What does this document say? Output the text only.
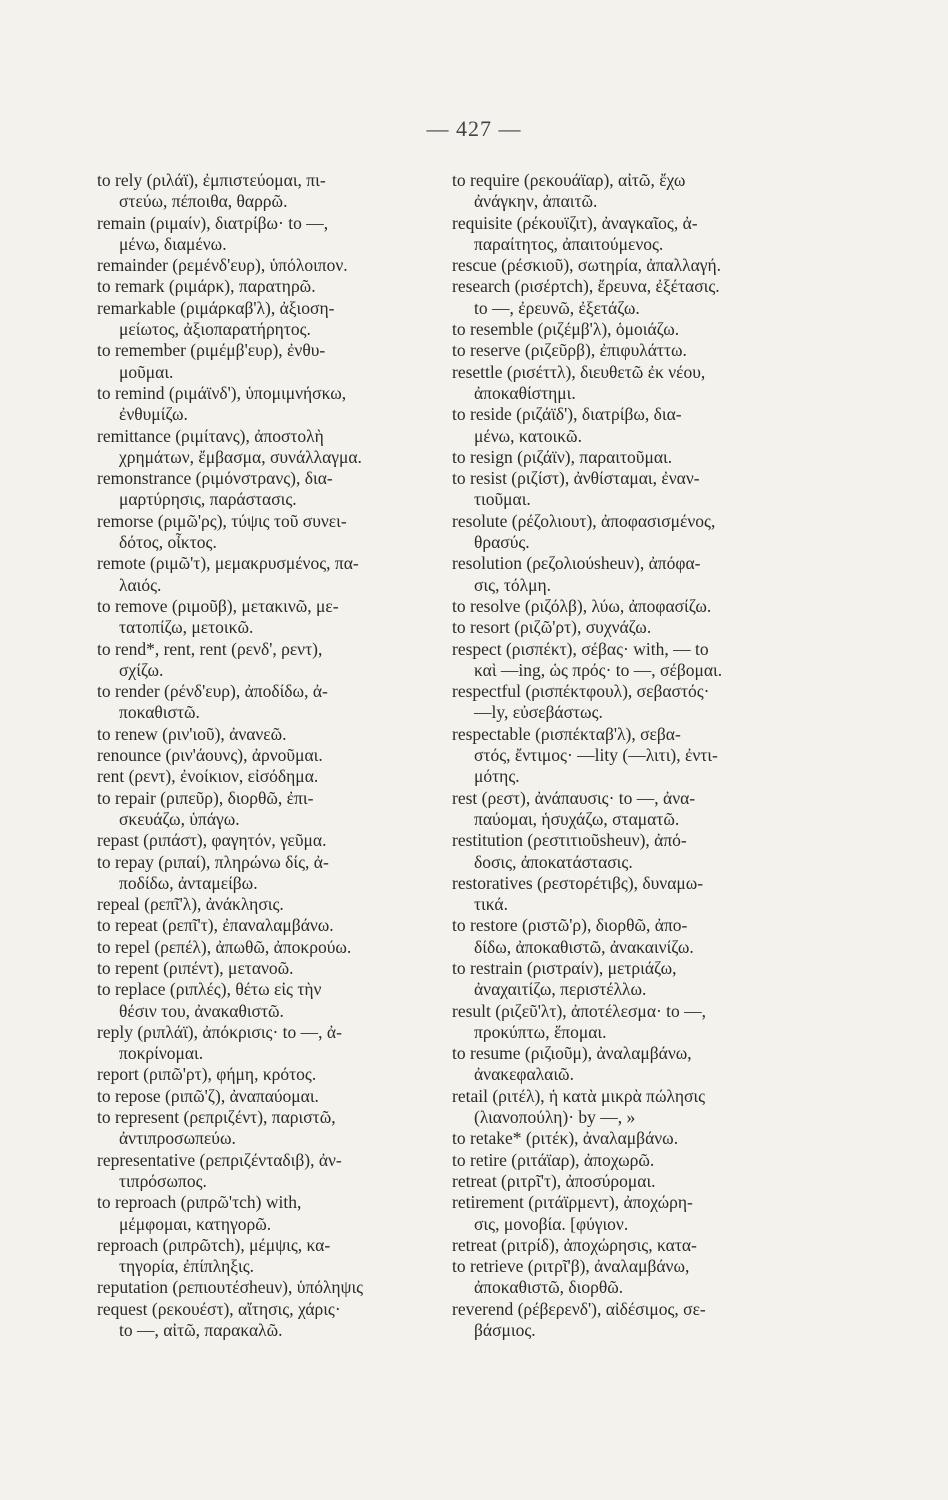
— 427 —

to rely (ριλάϊ), ἐμπιστεύομαι, πι-

στεύω, πέποιθα, θαρρῶ.

remain (ριμαίν), διατρίβω· to —,

μένω, διαμένω.

remainder (ρεμένδ'ευρ), ὑπόλοιπον.

to remark (ριμάρκ), παρατηρῶ.

remarkable (ριμάρκαβ'λ), ἀξιοση-

μείωτος, ἀξιοπαρατήρητος.

to remember (ριμέμβ'ευρ), ἐνθυ-

μοῦμαι.

to remind (ριμάϊνδ'), ὑπομιμνήσκω,

ἐνθυμίζω.

remittance (ριμίτανς), ἀποστολὴ

χρημάτων, ἔμβασμα, συνάλλαγμα.

remonstrance (ριμόνστρανς), δια-

μαρτύρησις, παράστασις.

remorse (ριμῶ'ρς), τύψις τοῦ συνει-

δότος, οἶκτος.

remote (ριμῶ'τ), μεμακρυσμένος, πα-

λαιός.

to remove (ριμοῦβ), μετακινῶ, με-

τατοπίζω, μετοικῶ.

to rend*, rent, rent (ρενδ', ρεντ),

σχίζω.

to render (ρένδ'ευρ), ἀποδίδω, ἀ-

ποκαθιστῶ.

to renew (ριν'ιοῦ), ἀνανεῶ.

renounce (ριν'άουνς), ἀρνοῦμαι.

rent (ρεντ), ἐνοίκιον, εἰσόδημα.

to repair (ριπεῦρ), διορθῶ, ἐπι-

σκευάζω, ὑπάγω.

repast (ριπάστ), φαγητόν, γεῦμα.

to repay (ριπαί), πληρώνω δίς, ἀ-

ποδίδω, ἀνταμείβω.

repeal (ρεπῖ'λ), ἀνάκλησις.

to repeat (ρεπῖ'τ), ἐπαναλαμβάνω.

to repel (ρεπέλ), ἀπωθῶ, ἀποκρούω.

to repent (ριπέντ), μετανοῶ.

to replace (ριπλές), θέτω εἰς τὴν

θέσιν του, ἀνακαθιστῶ.

reply (ριπλάϊ), ἀπόκρισις· to —, ἀ-

ποκρίνομαι.

report (ριπῶ'ρτ), φήμη, κρότος.

to repose (ριπῶ'ζ), ἀναπαύομαι.

to represent (ρεπριζέντ), παριστῶ,

ἀντιπροσωπεύω.

representative (ρεπριζένταδιβ), ἀν-

τιπρόσωπος.

to reproach (ριπρῶ'τch) with,

μέμφομαι, κατηγορῶ.

reproach (ριπρῶτch), μέμψις, κα-

τηγορία, ἐπίπληξις.

reputation (ρεπιουτέσheuν), ὑπόληψις

request (ρεκουέστ), αἴτησις, χάρις·

to —, αἰτῶ, παρακαλῶ.

to require (ρεκουάϊαρ), αἰτῶ, ἔχω

ἀνάγκην, ἀπαιτῶ.

requisite (ρέκουϊζιτ), ἀναγκαῖος, ἀ-

παραίτητος, ἀπαιτούμενος.

rescue (ρέσκιοῦ), σωτηρία, ἀπαλλαγή.

research (ρισέρτch), ἔρευνα, ἐξέτασις.

to —, ἐρευνῶ, ἐξετάζω.

to resemble (ριζέμβ'λ), ὁμοιάζω.

to reserve (ριζεῦρβ), ἐπιφυλάττω.

resettle (ρισέττλ), διευθετῶ ἐκ νέου,

ἀποκαθίστημι.

to reside (ριζάϊδ'), διατρίβω, δια-

μένω, κατοικῶ.

to resign (ριζάϊν), παραιτοῦμαι.

to resist (ριζίστ), ἀνθίσταμαι, ἐναν-

τιοῦμαι.

resolute (ρέζολιουτ), ἀποφασισμένος,

θρασύς.

resolution (ρεζολιούsheuν), ἀπόφα-

σις, τόλμη.

to resolve (ριζόλβ), λύω, ἀποφασίζω.

to resort (ριζῶ'ρτ), συχνάζω.

respect (ρισπέκτ), σέβας· with, — to

καὶ —ing, ὡς πρός· to —, σέβομαι.

respectful (ρισπέκτφουλ), σεβαστός·

—ly, εὐσεβάστως.

respectable (ρισπέκταβ'λ), σεβα-

στός, ἔντιμος· —lity (—λιτι), ἐντι-
μότης.

rest (ρεστ), ἀνάπαυσις· to —, ἀνα-

παύομαι, ἡσυχάζω, σταματῶ.

restitution (ρεστιτιοῦsheuν), ἀπό-

δοσις, ἀποκατάστασις.

restoratives (ρεστορέτιβς), δυναμω-

τικά.

to restore (ριστῶ'ρ), διορθῶ, ἀπο-

δίδω, ἀποκαθιστῶ, ἀνακαινίζω.

to restrain (ριστραίν), μετριάζω,

ἀναχαιτίζω, περιστέλλω.

result (ριζεῦ'λτ), ἀποτέλεσμα· to —,

προκύπτω, ἕπομαι.

to resume (ριζιοῦμ), ἀναλαμβάνω,

ἀνακεφαλαιῶ.

retail (ριτέλ), ἡ κατὰ μικρὰ πώλησις

(λιανοπούλη)· by —, »

to retake* (ριτέκ), ἀναλαμβάνω.

to retire (ριτάϊαρ), ἀποχωρῶ.

retreat (ριτρῖ'τ), ἀποσύρομαι.

retirement (ριτάϊρμεντ), ἀποχώρη-

σις, μονοβία. [φύγιον.

retreat (ριτρίδ), ἀποχώρησις, κατα-

to retrieve (ριτρῖ'β), ἀναλαμβάνω,

ἀποκαθιστῶ, διορθῶ.

reverend (ρέβερενδ'), αἰδέσιμος, σε-

βάσμιος.
